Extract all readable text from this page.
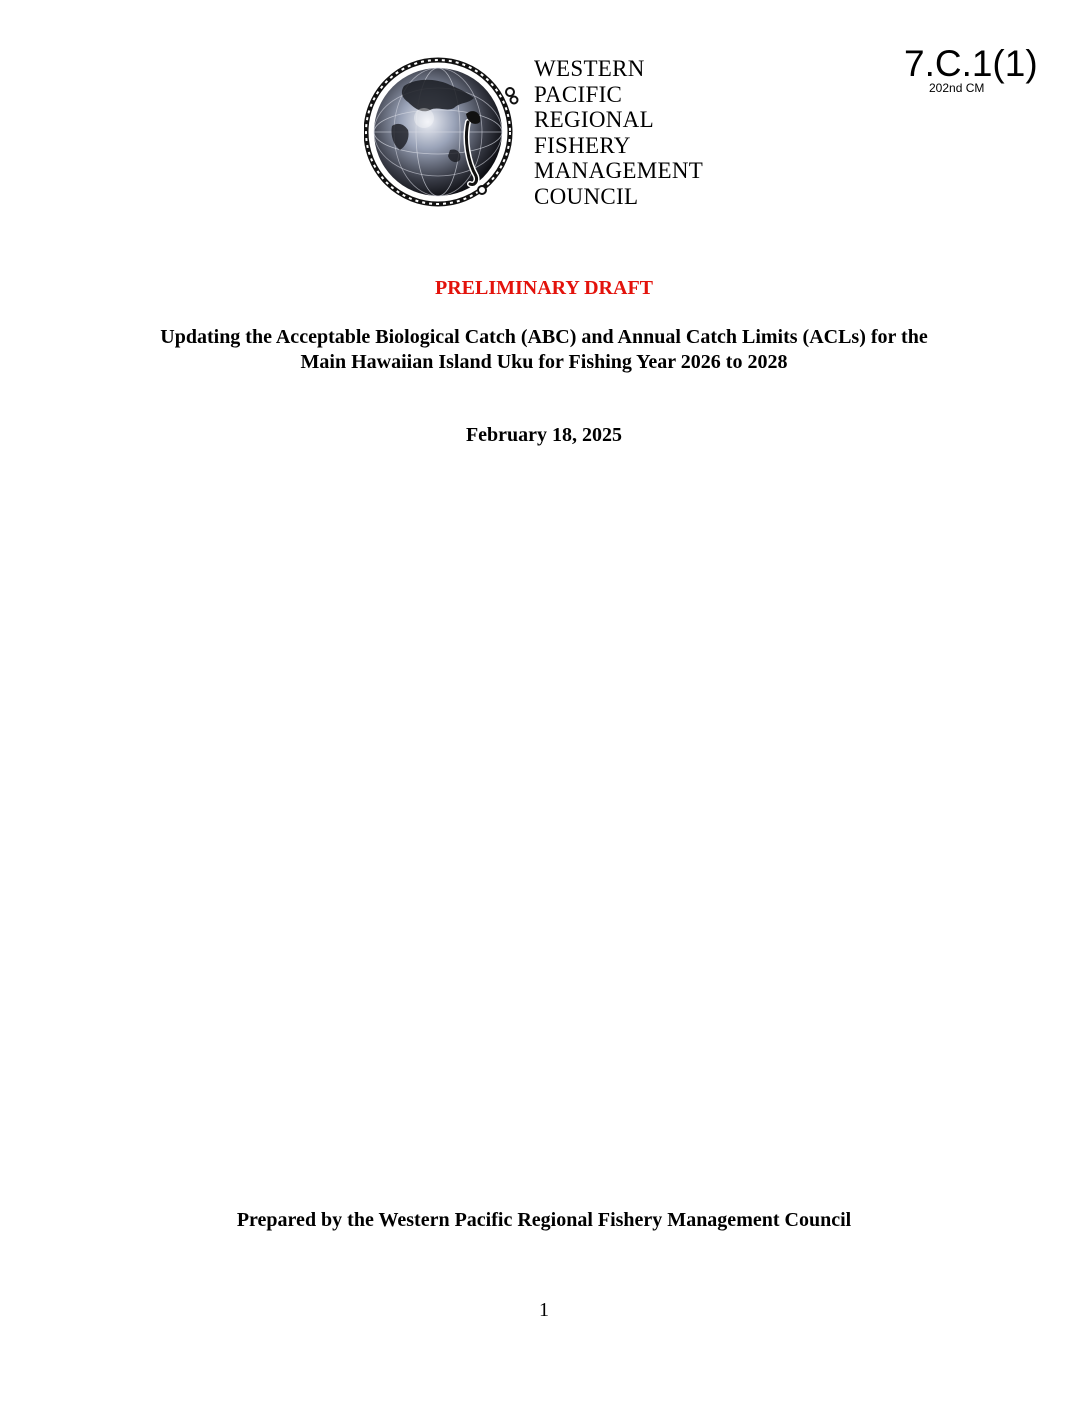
WESTERN
PACIFIC
REGIONAL
FISHERY
MANAGEMENT
COUNCIL
7.C.1(1)
202nd CM
PRELIMINARY DRAFT
Updating the Acceptable Biological Catch (ABC) and Annual Catch Limits (ACLs) for the
Main Hawaiian Island Uku for Fishing Year 2026 to 2028
February 18, 2025
Prepared by the Western Pacific Regional Fishery Management Council
1
